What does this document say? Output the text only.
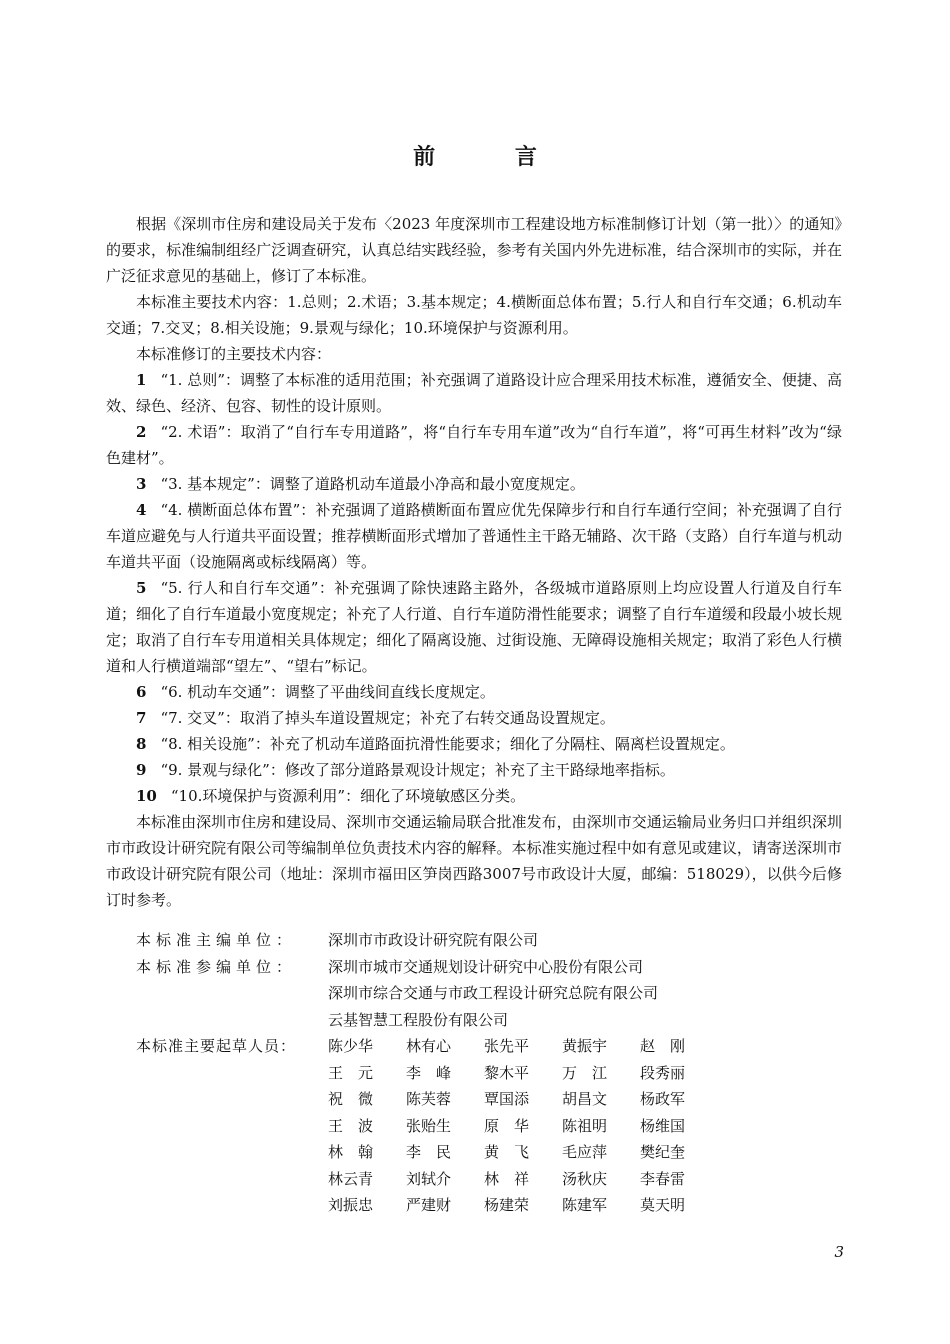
前 言

根据《深圳市住房和建设局关于发布〈2023 年度深圳市工程建设地方标准制修订计划（第一批）〉的通知》的要求，标准编制组经广泛调查研究，认真总结实践经验，参考有关国内外先进标准，结合深圳市的实际，并在广泛征求意见的基础上，修订了本标准。

本标准主要技术内容：1.总则；2.术语；3.基本规定；4.横断面总体布置；5.行人和自行车交通；6.机动车交通；7.交叉；8.相关设施；9.景观与绿化；10.环境保护与资源利用。

本标准修订的主要技术内容：

1 “1. 总则”：调整了本标准的适用范围；补充强调了道路设计应合理采用技术标准，遵循安全、便捷、高效、绿色、经济、包容、韧性的设计原则。

2 “2. 术语”：取消了“自行车专用道路”，将“自行车专用车道”改为“自行车道”，将“可再生材料”改为“绿色建材”。

3 “3. 基本规定”：调整了道路机动车道最小净高和最小宽度规定。

4 “4. 横断面总体布置”：补充强调了道路横断面布置应优先保障步行和自行车通行空间；补充强调了自行车道应避免与人行道共平面设置；推荐横断面形式增加了普通性主干路无辅路、次干路（支路）自行车道与机动车道共平面（设施隔离或标线隔离）等。

5 “5. 行人和自行车交通”：补充强调了除快速路主路外，各级城市道路原则上均应设置人行道及自行车道；细化了自行车道最小宽度规定；补充了人行道、自行车道防滑性能要求；调整了自行车道缓和段最小坡长规定；取消了自行车专用道相关具体规定；细化了隔离设施、过街设施、无障碍设施相关规定；取消了彩色人行横道和人行横道端部“望左”、“望右”标记。

6 “6. 机动车交通”：调整了平曲线间直线长度规定。

7 “7. 交叉”：取消了掉头车道设置规定；补充了右转交通岛设置规定。

8 “8. 相关设施”：补充了机动车道路面抗滑性能要求；细化了分隔柱、隔离栏设置规定。

9 “9. 景观与绿化”：修改了部分道路景观设计规定；补充了主干路绿地率指标。

10 “10.环境保护与资源利用”：细化了环境敏感区分类。

本标准由深圳市住房和建设局、深圳市交通运输局联合批准发布，由深圳市交通运输局业务归口并组织深圳市市政设计研究院有限公司等编制单位负责技术内容的解释。本标准实施过程中如有意见或建议，请寄送深圳市市政设计研究院有限公司（地址：深圳市福田区笋岗西路3007号市政设计大厦，邮编：518029），以供今后修订时参考。

本标准主编单位：	深圳市市政设计研究院有限公司
本标准参编单位：	深圳市城市交通规划设计研究中心股份有限公司
深圳市综合交通与市政工程设计研究总院有限公司
云基智慧工程股份有限公司
本标准主要起草人员：	陈少华 林有心 张先平 黄振宇 赵　刚
王　元 李　峰 黎木平 万　江 段秀丽
祝　微 陈芙蓉 覃国添 胡昌文 杨政军
王　波 张贻生 原　华 陈祖明 杨维国
林　翰 李　民 黄　飞 毛应萍 樊纪奎
林云青 刘轼介 林　祥 汤秋庆 李春雷
刘振忠 严建财 杨建荣 陈建军 莫天明
3
